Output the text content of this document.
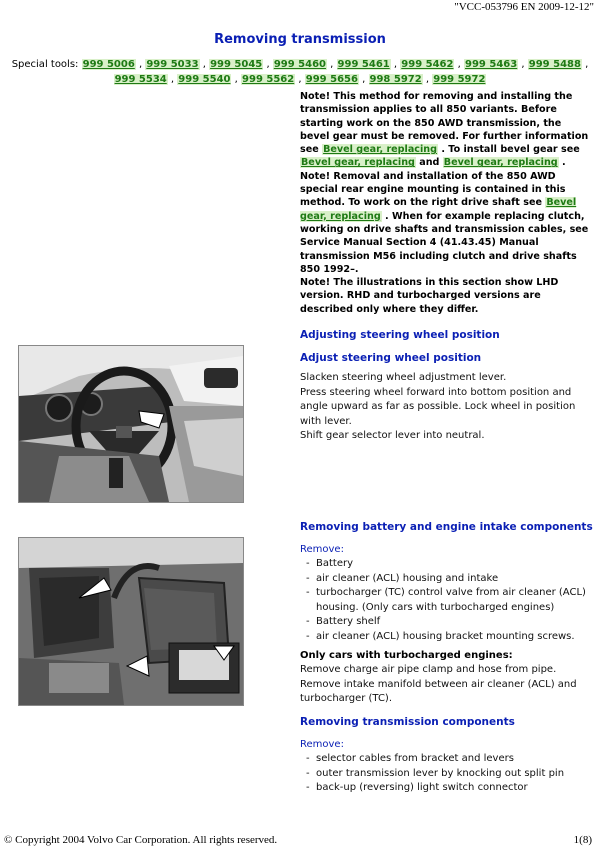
"VCC-053796 EN 2009-12-12"
Removing transmission
Special tools: 999 5006 , 999 5033 , 999 5045 , 999 5460 , 999 5461 , 999 5462 , 999 5463 , 999 5488 , 999 5534 , 999 5540 , 999 5562 , 999 5656 , 998 5972 , 999 5972

Note! This method for removing and installing the transmission applies to all 850 variants. Before starting work on the 850 AWD transmission, the bevel gear must be removed. For further information see Bevel gear, replacing . To install bevel gear see Bevel gear, replacing and Bevel gear, replacing .

Note! Removal and installation of the 850 AWD special rear engine mounting is contained in this method. To work on the right drive shaft see Bevel gear, replacing . When for example replacing clutch, working on drive shafts and transmission cables, see Service Manual Section 4 (41.43.45) Manual transmission M56 including clutch and drive shafts 850 1992–.

Note! The illustrations in this section show LHD version. RHD and turbocharged versions are described only where they differ.

Adjusting steering wheel position
Adjust steering wheel position

Slacken steering wheel adjustment lever.

Press steering wheel forward into bottom position and angle upward as far as possible. Lock wheel in position with lever.

Shift gear selector lever into neutral.

Removing battery and engine intake components
Remove:
- Battery
- air cleaner (ACL) housing and intake
- turbocharger (TC) control valve from air cleaner (ACL) housing. (Only cars with turbocharged engines)
- Battery shelf
- air cleaner (ACL) housing bracket mounting screws.
Only cars with turbocharged engines:

Remove charge air pipe clamp and hose from pipe.

Remove intake manifold between air cleaner (ACL) and turbocharger (TC).

Removing transmission components
Remove:
- selector cables from bracket and levers
- outer transmission lever by knocking out split pin
- back-up (reversing) light switch connector
© Copyright 2004 Volvo Car Corporation. All rights reserved.	1(8)
